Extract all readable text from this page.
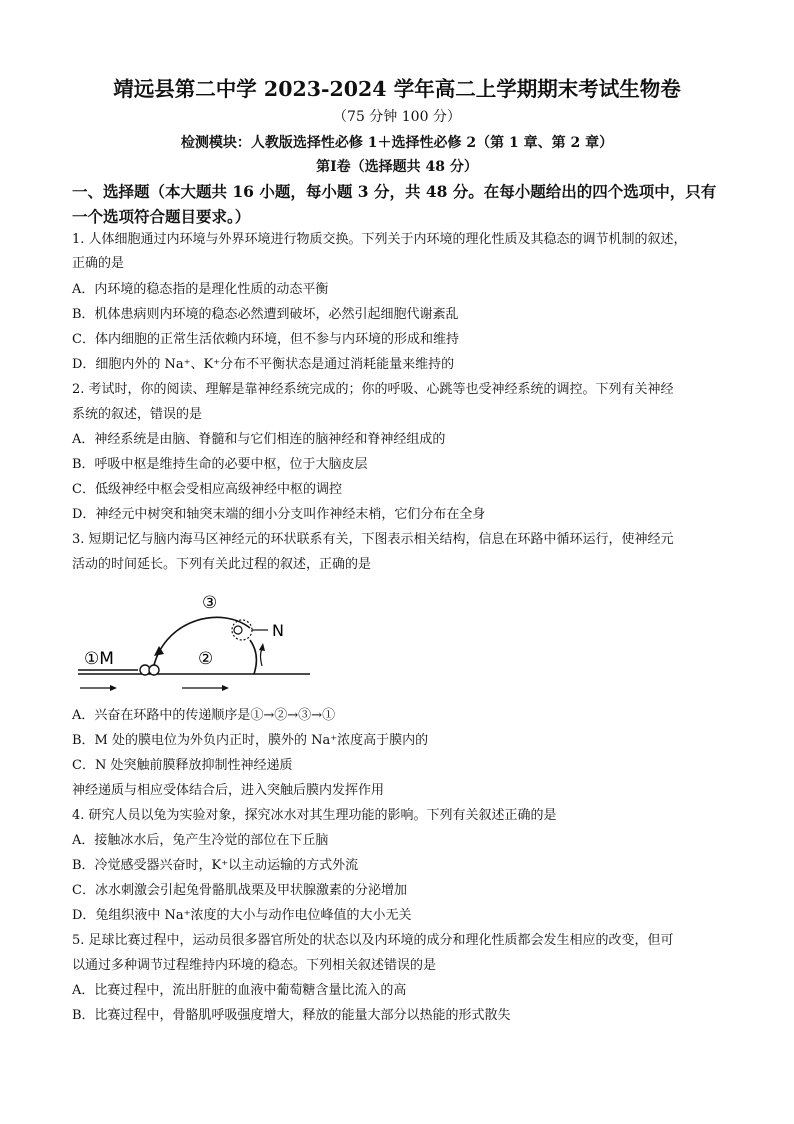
靖远县第二中学 2023-2024 学年高二上学期期末考试生物卷
（75 分钟 100 分）
检测模块：人教版选择性必修 1＋选择性必修 2（第 1 章、第 2 章）
第Ⅰ卷（选择题共 48 分）
一、选择题（本大题共 16 小题，每小题 3 分，共 48 分。在每小题给出的四个选项中，只有
一个选项符合题目要求。）
1. 人体细胞通过内环境与外界环境进行物质交换。下列关于内环境的理化性质及其稳态的调节机制的叙述，
正确的是
A．内环境的稳态指的是理化性质的动态平衡
B．机体患病则内环境的稳态必然遭到破坏，必然引起细胞代谢紊乱
C．体内细胞的正常生活依赖内环境，但不参与内环境的形成和维持
D．细胞内外的 Na⁺、K⁺分布不平衡状态是通过消耗能量来维持的
2. 考试时，你的阅读、理解是靠神经系统完成的；你的呼吸、心跳等也受神经系统的调控。下列有关神经
系统的叙述，错误的是
A．神经系统是由脑、脊髓和与它们相连的脑神经和脊神经组成的
B．呼吸中枢是维持生命的必要中枢，位于大脑皮层
C．低级神经中枢会受相应高级神经中枢的调控
D．神经元中树突和轴突末端的细小分支叫作神经末梢，它们分布在全身
3. 短期记忆与脑内海马区神经元的环状联系有关，下图表示相关结构，信息在环路中循环运行，使神经元
活动的时间延长。下列有关此过程的叙述，正确的是
①M	②
③
N
A．兴奋在环路中的传递顺序是①→②→③→①
B．M 处的膜电位为外负内正时，膜外的 Na⁺浓度高于膜内的
C．N 处突触前膜释放抑制性神经递质
神经递质与相应受体结合后，进入突触后膜内发挥作用
4. 研究人员以兔为实验对象，探究冰水对其生理功能的影响。下列有关叙述正确的是
A．接触冰水后，兔产生冷觉的部位在下丘脑
B．冷觉感受器兴奋时，K⁺以主动运输的方式外流
C．冰水刺激会引起兔骨骼肌战栗及甲状腺激素的分泌增加
D．兔组织液中 Na⁺浓度的大小与动作电位峰值的大小无关
5. 足球比赛过程中，运动员很多器官所处的状态以及内环境的成分和理化性质都会发生相应的改变，但可
以通过多种调节过程维持内环境的稳态。下列相关叙述错误的是
A．比赛过程中，流出肝脏的血液中葡萄糖含量比流入的高
B．比赛过程中，骨骼肌呼吸强度增大，释放的能量大部分以热能的形式散失
